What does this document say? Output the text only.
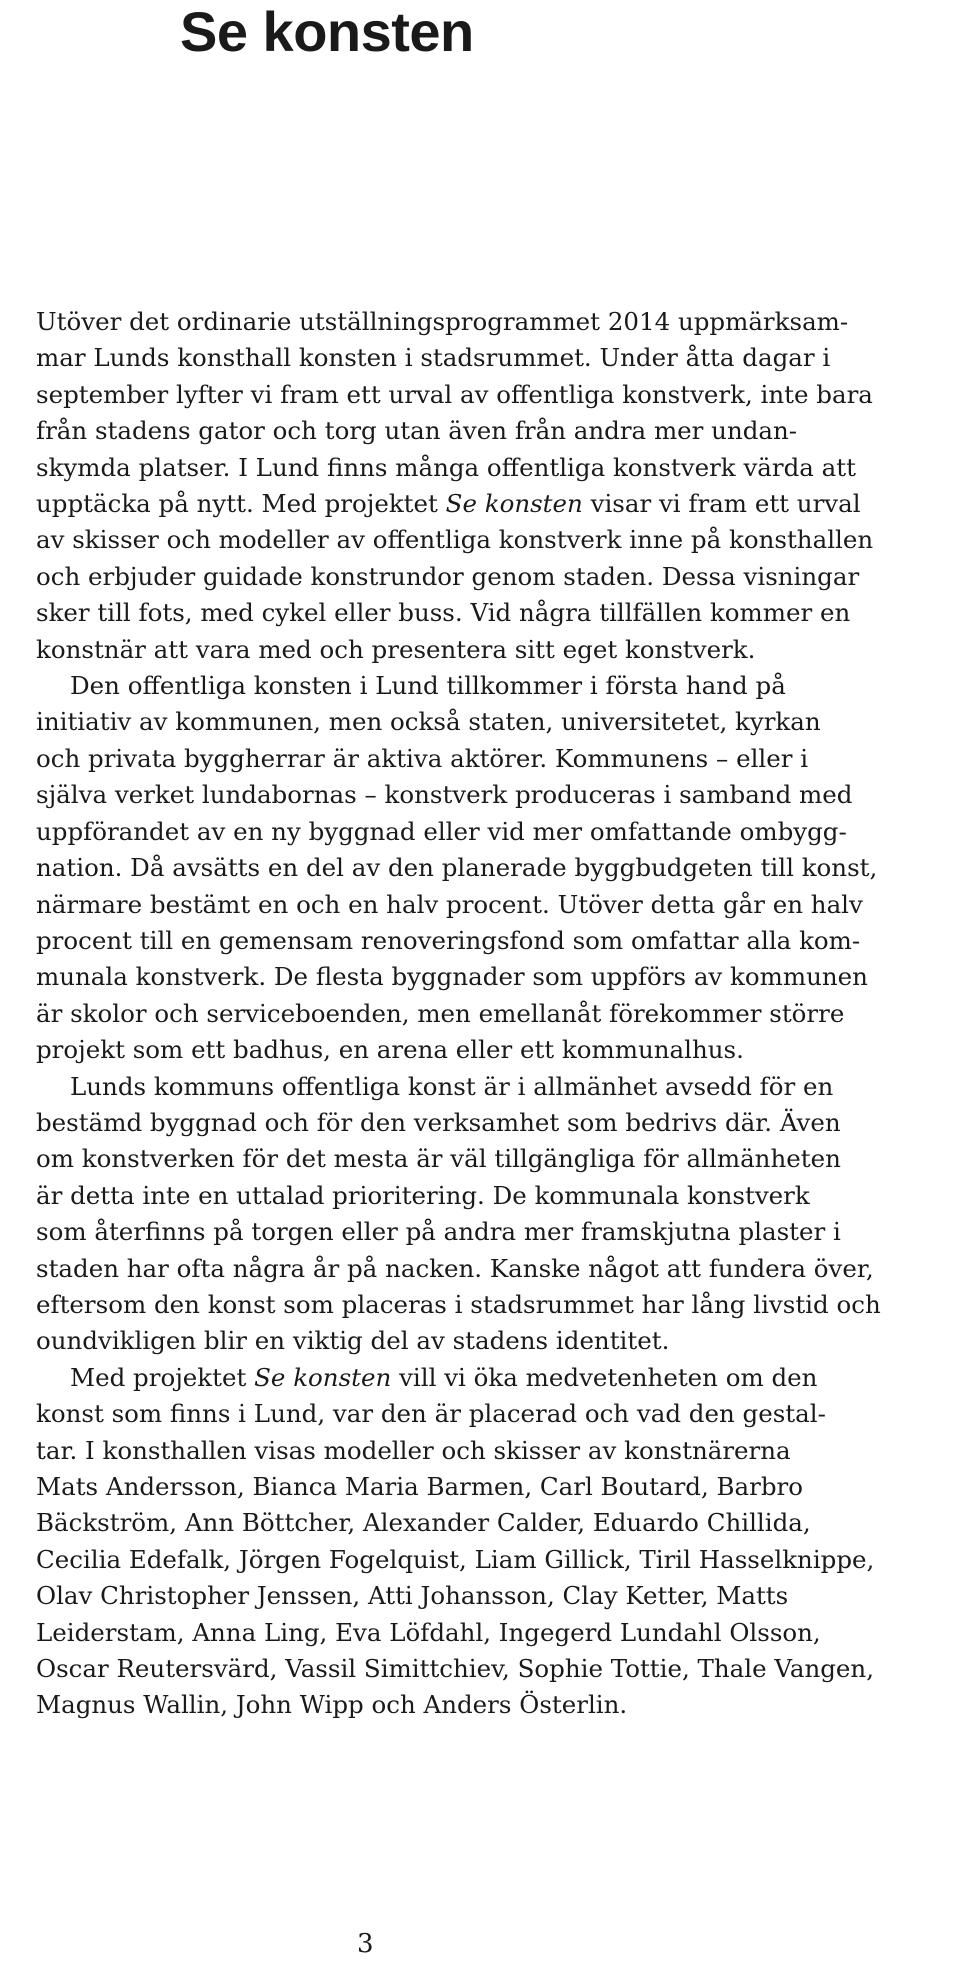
Se konsten

Utöver det ordinarie utställningsprogrammet 2014 uppmärksam-
mar Lunds konsthall konsten i stadsrummet. Under åtta dagar i
september lyfter vi fram ett urval av offentliga konstverk, inte bara
från stadens gator och torg utan även från andra mer undan-
skymda platser. I Lund finns många offentliga konstverk värda att
upptäcka på nytt. Med projektet Se konsten visar vi fram ett urval
av skisser och modeller av offentliga konstverk inne på konsthallen
och erbjuder guidade konstrundor genom staden. Dessa visningar
sker till fots, med cykel eller buss. Vid några tillfällen kommer en
konstnär att vara med och presentera sitt eget konstverk.

Den offentliga konsten i Lund tillkommer i första hand på
initiativ av kommunen, men också staten, universitetet, kyrkan
och privata byggherrar är aktiva aktörer. Kommunens – eller i
själva verket lundabornas – konstverk produceras i samband med
uppförandet av en ny byggnad eller vid mer omfattande ombygg-
nation. Då avsätts en del av den planerade byggbudgeten till konst,
närmare bestämt en och en halv procent. Utöver detta går en halv
procent till en gemensam renoveringsfond som omfattar alla kom-
munala konstverk. De flesta byggnader som uppförs av kommunen
är skolor och serviceboenden, men emellanåt förekommer större
projekt som ett badhus, en arena eller ett kommunalhus.

Lunds kommuns offentliga konst är i allmänhet avsedd för en
bestämd byggnad och för den verksamhet som bedrivs där. Även
om konstverken för det mesta är väl tillgängliga för allmänheten
är detta inte en uttalad prioritering. De kommunala konstverk
som återfinns på torgen eller på andra mer framskjutna plaster i
staden har ofta några år på nacken. Kanske något att fundera över,
eftersom den konst som placeras i stadsrummet har lång livstid och
oundvikligen blir en viktig del av stadens identitet.

Med projektet Se konsten vill vi öka medvetenheten om den
konst som finns i Lund, var den är placerad och vad den gestal-
tar. I konsthallen visas modeller och skisser av konstnärerna
Mats Andersson, Bianca Maria Barmen, Carl Boutard, Barbro
Bäckström, Ann Böttcher, Alexander Calder, Eduardo Chillida,
Cecilia Edefalk, Jörgen Fogelquist, Liam Gillick, Tiril Hasselknippe,
Olav Christopher Jenssen, Atti Johansson, Clay Ketter, Matts
Leiderstam, Anna Ling, Eva Löfdahl, Ingegerd Lundahl Olsson,
Oscar Reutersvärd, Vassil Simittchiev, Sophie Tottie, Thale Vangen,
Magnus Wallin, John Wipp och Anders Österlin.

3
